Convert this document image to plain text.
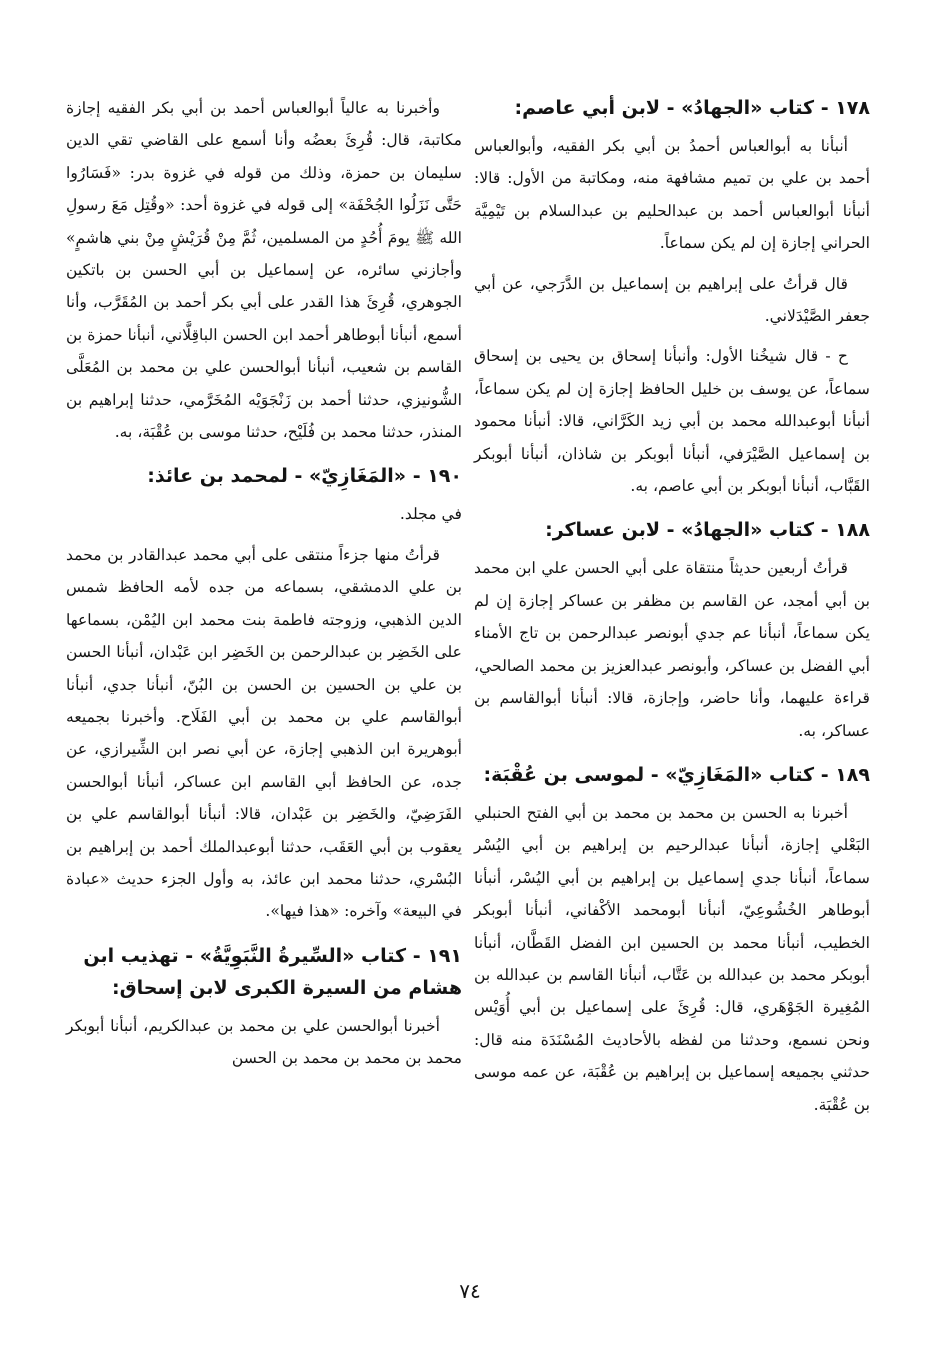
١٧٨ - كتاب «الجهادُ» - لابن أبي عاصم:

أنبأنا به أبوالعباس أحمدُ بن أبي بكر الفقيه، وأبوالعباس أحمد بن علي بن تميم مشافهة منه، ومكاتبة من الأول: قالا: أنبأنا أبوالعباس أحمد بن عبدالحليم بن عبدالسلام بن تَيْمِيَّة الحراني إجازة إن لم يكن سماعاً.

قال قرأتُ على إبراهيم بن إسماعيل بن الدَّرَجي، عن أبي جعفر الصَّيْدَلاني.

ح - قال شيخُنا الأول: وأنبأنا إسحاق بن يحيى بن إسحاق سماعاً، عن يوسف بن خليل الحافظ إجازة إن لم يكن سماعاً، أنبأنا أبوعبدالله محمد بن أبي زيد الكَرَّاني، قالا: أنبأنا محمود بن إسماعيل الصَّيْرَفي، أنبأنا أبوبكر بن شاذان، أنبأنا أبوبكر القَبَّاب، أنبأنا أبوبكر بن أبي عاصم، به.

١٨٨ - كتاب «الجهادُ» - لابن عساكر:

قرأتُ أربعين حديثاً منتقاة على أبي الحسن علي ابن محمد بن أبي أمجد، عن القاسم بن مظفر بن عساكر إجازة إن لم يكن سماعاً، أنبأنا عم جدي أبونصر عبدالرحمن بن تاج الأمناء أبي الفضل بن عساكر، وأبونصر عبدالعزيز بن محمد الصالحي، قراءة عليهما، وأنا حاضر، وإجازة، قالا: أنبأنا أبوالقاسم بن عساكر، به.

١٨٩ - كتاب «المَغَازِيّ» - لموسى بن عُقْبَة:

أخبرنا به الحسن بن محمد بن محمد بن أبي الفتح الحنبلي البَعْلي إجازة، أنبأنا عبدالرحيم بن إبراهيم بن أبي اليُسْر سماعاً، أنبأنا جدي إسماعيل بن إبراهيم بن أبي اليُسْر، أنبأنا أبوطاهر الخُشُوعِيّ، أنبأنا أبومحمد الأكْفاني، أنبأنا أبوبكر الخطيب، أنبأنا محمد بن الحسين ابن الفضل القَطَّان، أنبأنا أبوبكر محمد بن عبدالله بن عَتَّاب، أنبأنا القاسم بن عبدالله بن المُغِيرة الجَوْهَري، قال: قُرِئَ على إسماعيل بن أبي أُوَيْس ونحن نسمع، وحدثنا من لفظه بالأحاديث المُسْنَدَة منه قال: حدثني بجميعه إسماعيل بن إبراهيم بن عُقْبَة، عن عمه موسى بن عُقْبَة.

وأخبرنا به عالياً أبوالعباس أحمد بن أبي بكر الفقيه إجازة مكاتبة، قال: قُرِئَ بعضُه وأنا أسمع على القاضي تقي الدين سليمان بن حمزة، وذلك من قوله في غزوة بدر: «فَسَارُوا حَتَّى نَزَلُوا الجُحْفَة» إلى قوله في غزوة أحد: «وقُتِل مَعَ رسولِ الله ﷺ يومَ أُحُدٍ من المسلمين، ثُمَّ مِنْ قُرَيْشٍ مِنْ بني هاشمٍ» وأجازني سائره، عن إسماعيل بن أبي الحسن بن باتكين الجوهري، قُرِئَ هذا القدر على أبي بكر أحمد بن المُقَرَّب، وأنا أسمع، أنبأنا أبوطاهر أحمد ابن الحسن الباقِلَّاني، أنبأنا حمزة بن القاسم بن شعيب، أنبأنا أبوالحسن علي بن محمد بن المُعَلَّى الشُّونيزي، حدثنا أحمد بن زَنْجَوَيْه المُخَرَّمي، حدثنا إبراهيم بن المنذر، حدثنا محمد بن فُلَيْح، حدثنا موسى بن عُقْبَة، به.

١٩٠ - «المَغَازِيّ» - لمحمد بن عائذ:

في مجلد.

قرأتُ منها جزءاً منتقى على أبي محمد عبدالقادر بن محمد بن علي الدمشقي، بسماعه من جده لأمه الحافظ شمس الدين الذهبي، وزوجته فاطمة بنت محمد ابن اليُمْن، بسماعها على الخَضِر بن عبدالرحمن بن الخَضِر ابن عَبْدان، أنبأنا الحسن بن علي بن الحسين بن الحسن بن البُنّ، أنبأنا جدي، أنبأنا أبوالقاسم علي بن محمد بن أبي الفَلَاح. وأخبرنا بجميعه أبوهريرة ابن الذهبي إجازة، عن أبي نصر ابن الشِّيرازي، عن جده، عن الحافظ أبي القاسم ابن عساكر، أنبأنا أبوالحسن الفَرَضِيّ، والخَضِر بن عَبْدان، قالا: أنبأنا أبوالقاسم علي بن يعقوب بن أبي العَقَب، حدثنا أبوعبدالملك أحمد بن إبراهيم بن البُسْري، حدثنا محمد ابن عائذ، به وأول الجزء حديث «عبادة في البيعة» وآخره: «هذا فيها».

١٩١ - كتاب «السِّيرةُ النَّبَوِيَّةُ» - تهذيب ابن هشام من السيرة الكبرى لابن إسحاق:

أخبرنا أبوالحسن علي بن محمد بن عبدالكريم، أنبأنا أبوبكر محمد بن محمد بن محمد بن الحسن

٧٤
